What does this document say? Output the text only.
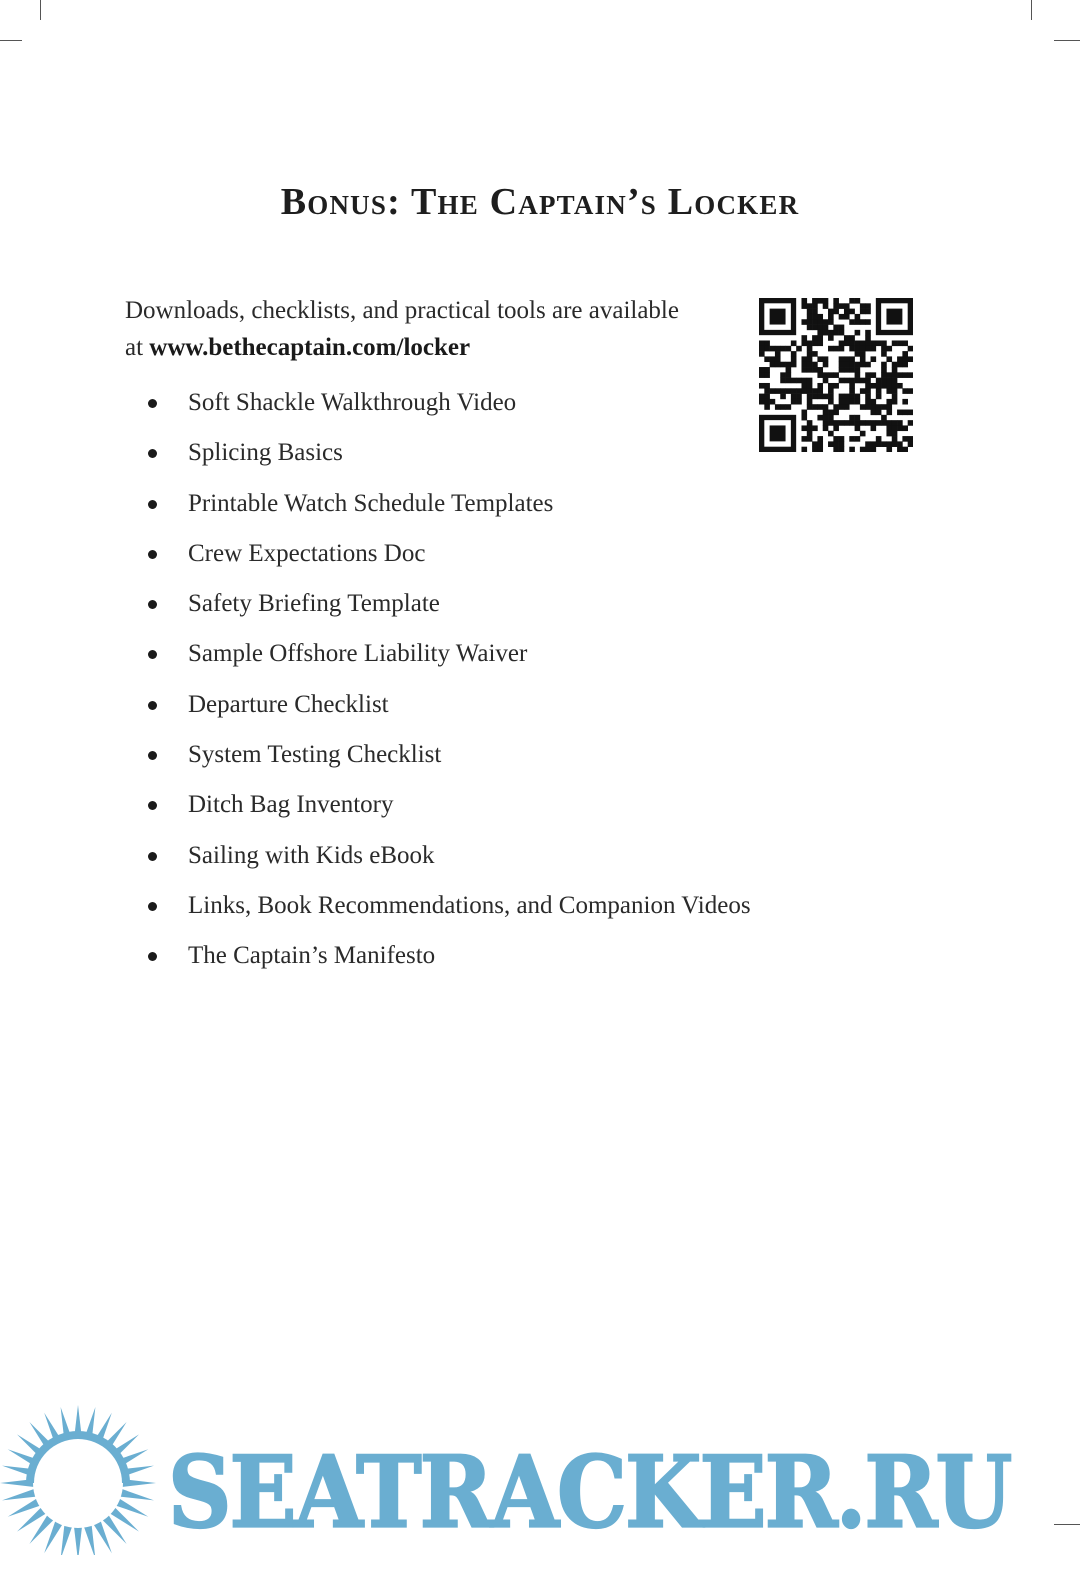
Bonus: The Captain’s Locker

Downloads, checklists, and practical tools are available
at www.bethecaptain.com/locker

Soft Shackle Walkthrough Video
Splicing Basics
Printable Watch Schedule Templates
Crew Expectations Doc
Safety Briefing Template
Sample Offshore Liability Waiver
Departure Checklist
System Testing Checklist
Ditch Bag Inventory
Sailing with Kids eBook
Links, Book Recommendations, and Companion Videos
The Captain’s Manifesto
SEATRACKER.RU
